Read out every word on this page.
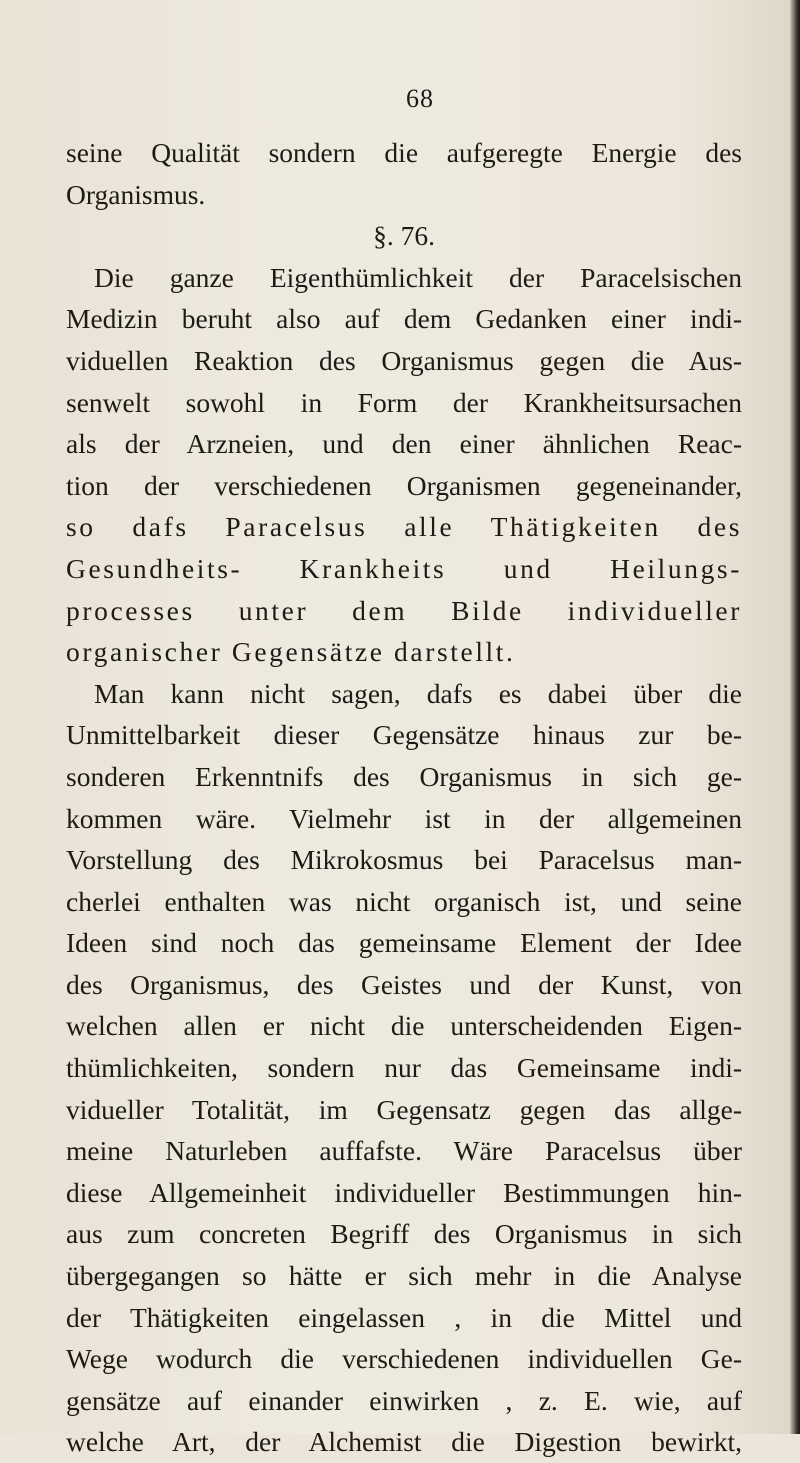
68
seine Qualität sondern die aufgeregte Energie des
Organismus.
§. 76.
Die ganze Eigenthümlichkeit der Paracelsischen
Medizin beruht also auf dem Gedanken einer indi-
viduellen Reaktion des Organismus gegen die Aus-
senwelt sowohl in Form der Krankheitsursachen
als der Arzneien, und den einer ähnlichen Reac-
tion der verschiedenen Organismen gegeneinander,
so dafs Paracelsus alle Thätigkeiten des
Gesundheits- Krankheits und Heilungs-
processes unter dem Bilde individueller
organischer Gegensätze darstellt.
Man kann nicht sagen, dafs es dabei über die
Unmittelbarkeit dieser Gegensätze hinaus zur be-
sonderen Erkenntnifs des Organismus in sich ge-
kommen wäre. Vielmehr ist in der allgemeinen
Vorstellung des Mikrokosmus bei Paracelsus man-
cherlei enthalten was nicht organisch ist, und seine
Ideen sind noch das gemeinsame Element der Idee
des Organismus, des Geistes und der Kunst, von
welchen allen er nicht die unterscheidenden Eigen-
thümlichkeiten, sondern nur das Gemeinsame indi-
vidueller Totalität, im Gegensatz gegen das allge-
meine Naturleben auffafste. Wäre Paracelsus über
diese Allgemeinheit individueller Bestimmungen hin-
aus zum concreten Begriff des Organismus in sich
übergegangen so hätte er sich mehr in die Analyse
der Thätigkeiten eingelassen , in die Mittel und
Wege wodurch die verschiedenen individuellen Ge-
gensätze auf einander einwirken , z. E. wie, auf
welche Art, der Alchemist die Digestion bewirkt,
